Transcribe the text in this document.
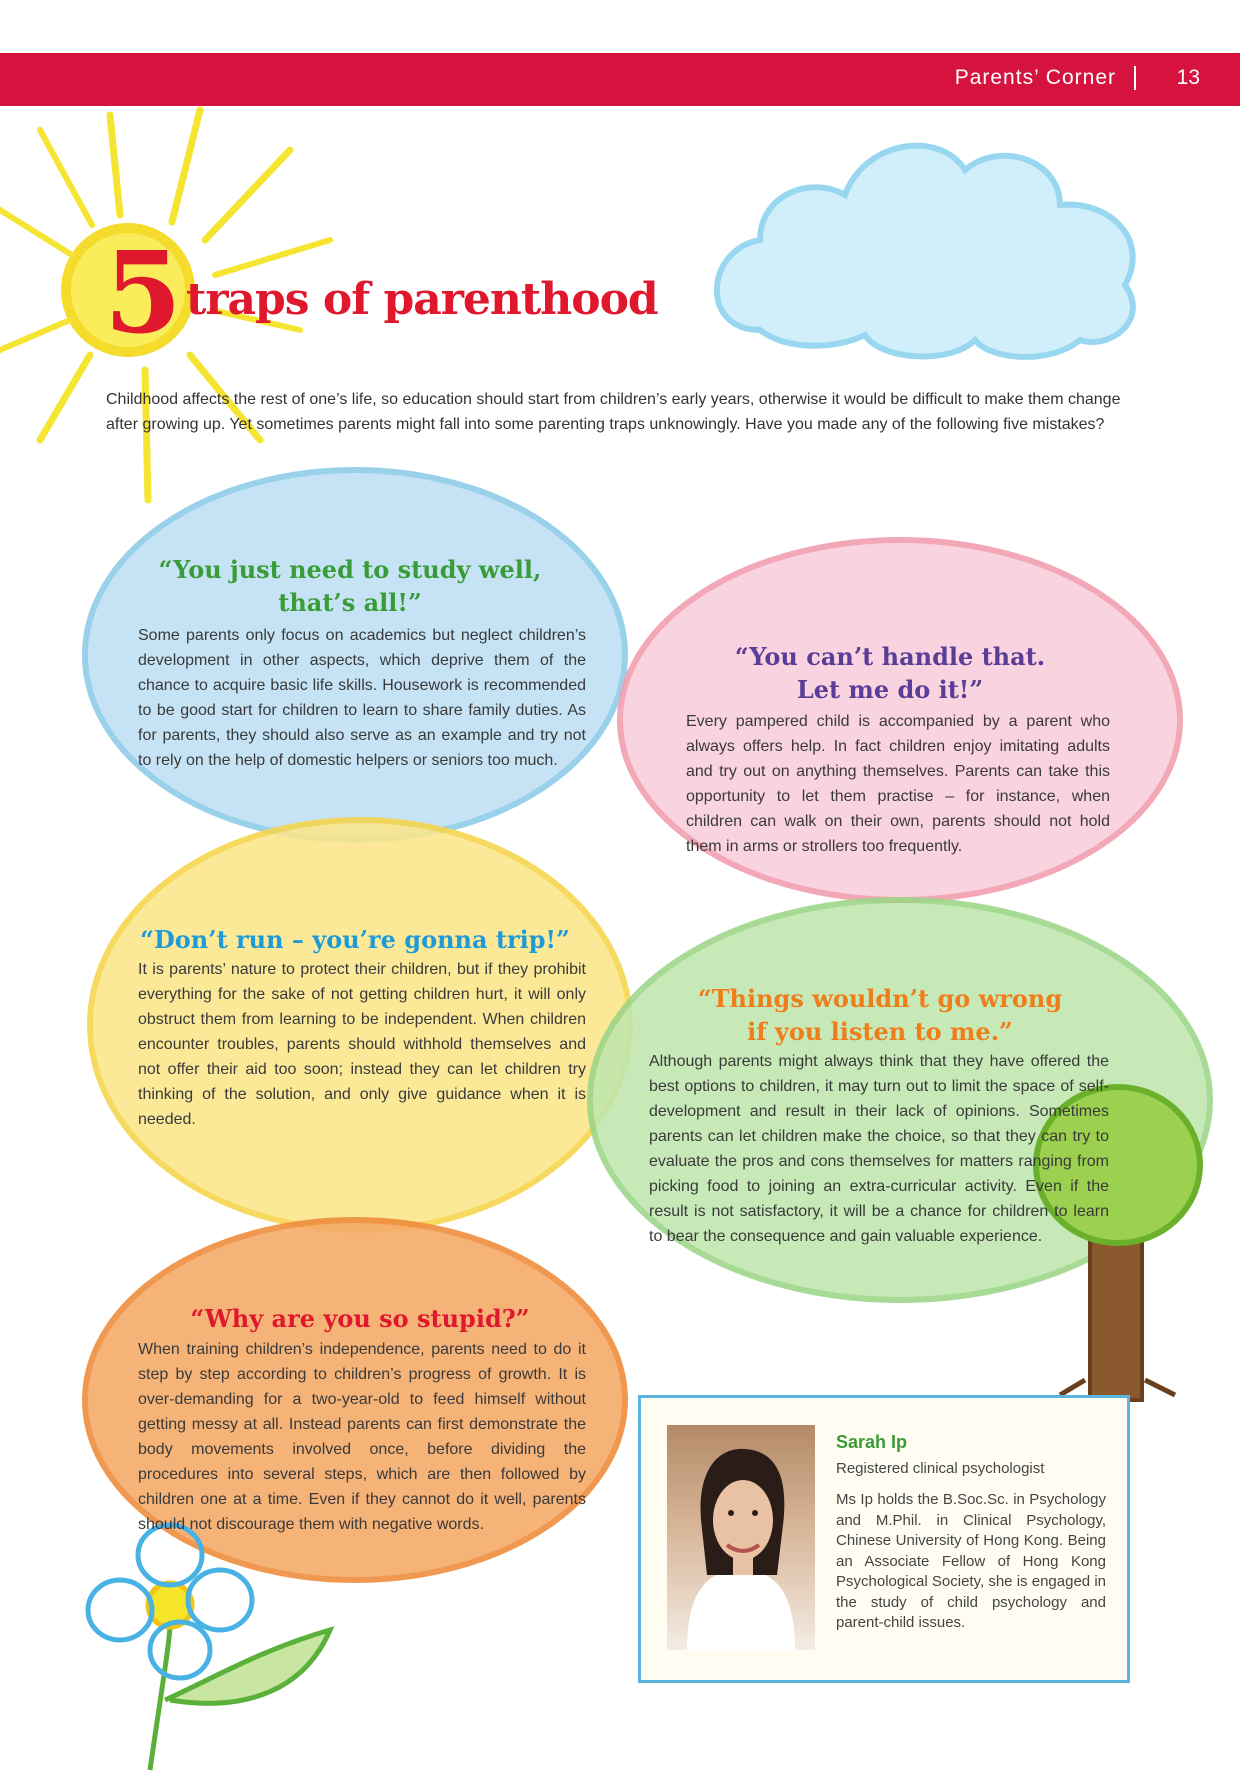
Parents’ Corner	13
5 traps of parenthood
Childhood affects the rest of one’s life, so education should start from children’s early years, otherwise it would be difficult to make them change after growing up. Yet sometimes parents might fall into some parenting traps unknowingly. Have you made any of the following five mistakes?
“You just need to study well,
that’s all!”
Some parents only focus on academics but neglect children’s development in other aspects, which deprive them of the chance to acquire basic life skills. Housework is recommended to be good start for children to learn to share family duties. As for parents, they should also serve as an example and try not to rely on the help of domestic helpers or seniors too much.
“You can’t handle that.
Let me do it!”
Every pampered child is accompanied by a parent who always offers help. In fact children enjoy imitating adults and try out on anything themselves. Parents can take this opportunity to let them practise – for instance, when children can walk on their own, parents should not hold them in arms or strollers too frequently.
“Don’t run – you’re gonna trip!”
It is parents’ nature to protect their children, but if they prohibit everything for the sake of not getting children hurt, it will only obstruct them from learning to be independent. When children encounter troubles, parents should withhold themselves and not offer their aid too soon; instead they can let children try thinking of the solution, and only give guidance when it is needed.
“Things wouldn’t go wrong
if you listen to me.”
Although parents might always think that they have offered the best options to children, it may turn out to limit the space of self-development and result in their lack of opinions. Sometimes parents can let children make the choice, so that they can try to evaluate the pros and cons themselves for matters ranging from picking food to joining an extra-curricular activity. Even if the result is not satisfactory, it will be a chance for children to learn to bear the consequence and gain valuable experience.
“Why are you so stupid?”
When training children’s independence, parents need to do it step by step according to children’s progress of growth. It is over-demanding for a two-year-old to feed himself without getting messy at all. Instead parents can first demonstrate the body movements involved once, before dividing the procedures into several steps, which are then followed by children one at a time. Even if they cannot do it well, parents should not discourage them with negative words.
Sarah Ip
Registered clinical psychologist
Ms Ip holds the B.Soc.Sc. in Psychology and M.Phil. in Clinical Psychology, Chinese University of Hong Kong. Being an Associate Fellow of Hong Kong Psychological Society, she is engaged in the study of child psychology and parent-child issues.
